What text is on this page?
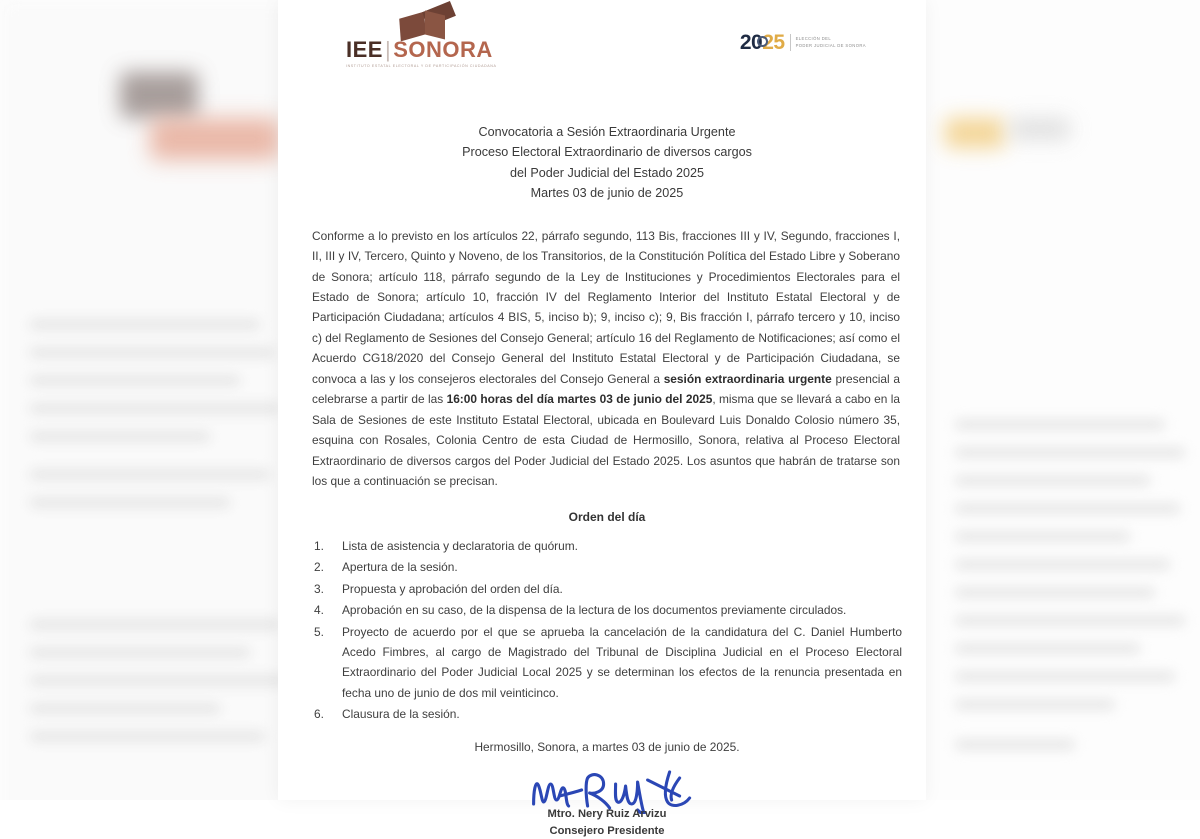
IEE|SONORA
INSTITUTO ESTATAL ELECTORAL Y DE PARTICIPACIÓN CIUDADANA
2025	ELECCIÓN DEL
PODER JUDICIAL DE SONORA
Convocatoria a Sesión Extraordinaria Urgente
Proceso Electoral Extraordinario de diversos cargos
del Poder Judicial del Estado 2025
Martes 03 de junio de 2025

Conforme a lo previsto en los artículos 22, párrafo segundo, 113 Bis, fracciones III y IV, Segundo, fracciones I, II, III y IV, Tercero, Quinto y Noveno, de los Transitorios, de la Constitución Política del Estado Libre y Soberano de Sonora; artículo 118, párrafo segundo de la Ley de Instituciones y Procedimientos Electorales para el Estado de Sonora; artículo 10, fracción IV del Reglamento Interior del Instituto Estatal Electoral y de Participación Ciudadana; artículos 4 BIS, 5, inciso b); 9, inciso c); 9, Bis fracción I, párrafo tercero y 10, inciso c) del Reglamento de Sesiones del Consejo General; artículo 16 del Reglamento de Notificaciones; así como el Acuerdo CG18/2020 del Consejo General del Instituto Estatal Electoral y de Participación Ciudadana, se convoca a las y los consejeros electorales del Consejo General a sesión extraordinaria urgente presencial a celebrarse a partir de las 16:00 horas del día martes 03 de junio del 2025, misma que se llevará a cabo en la Sala de Sesiones de este Instituto Estatal Electoral, ubicada en Boulevard Luis Donaldo Colosio número 35, esquina con Rosales, Colonia Centro de esta Ciudad de Hermosillo, Sonora, relativa al Proceso Electoral Extraordinario de diversos cargos del Poder Judicial del Estado 2025. Los asuntos que habrán de tratarse son los que a continuación se precisan.

Orden del día
Lista de asistencia y declaratoria de quórum.
Apertura de la sesión.
Propuesta y aprobación del orden del día.
Aprobación en su caso, de la dispensa de la lectura de los documentos previamente circulados.
Proyecto de acuerdo por el que se aprueba la cancelación de la candidatura del C. Daniel Humberto Acedo Fimbres, al cargo de Magistrado del Tribunal de Disciplina Judicial en el Proceso Electoral Extraordinario del Poder Judicial Local 2025 y se determinan los efectos de la renuncia presentada en fecha uno de junio de dos mil veinticinco.
Clausura de la sesión.
Hermosillo, Sonora, a martes 03 de junio de 2025.
Mtro. Nery Ruiz Arvizu
Consejero Presidente
